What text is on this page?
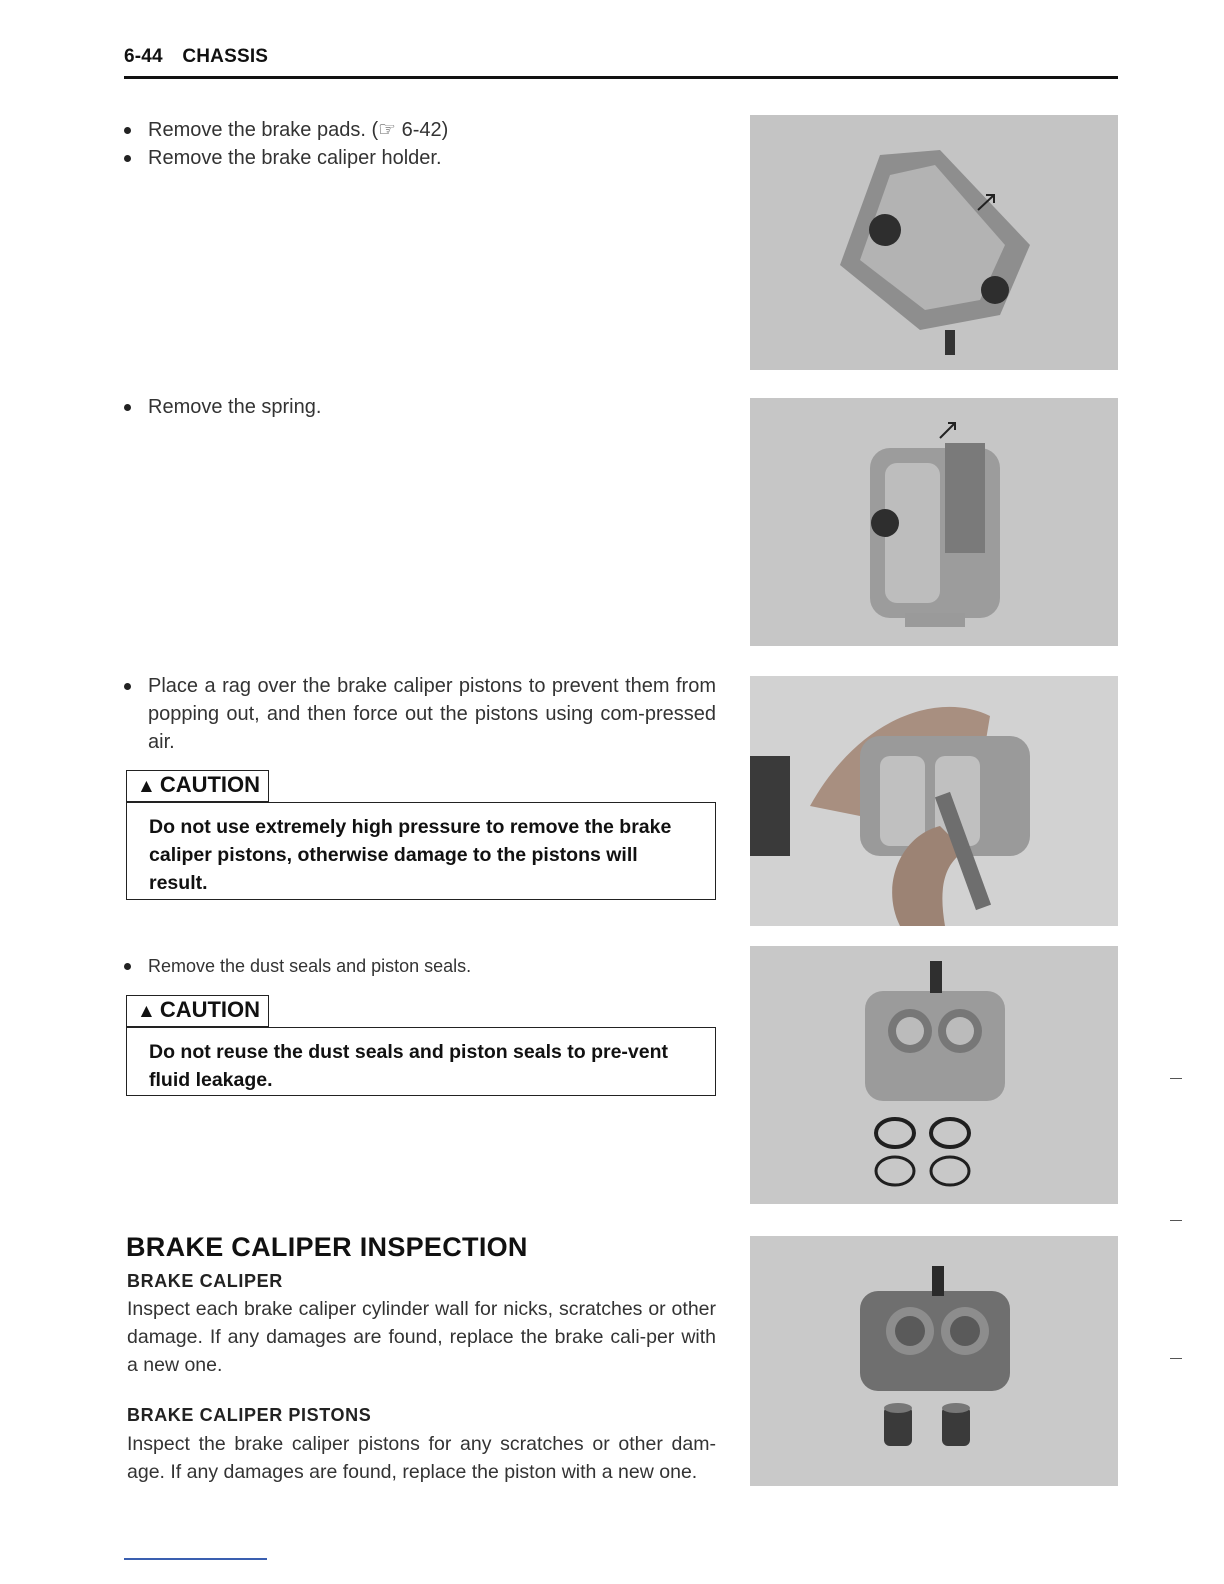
6-44 CHASSIS
Remove the brake pads. (☞ 6-42)
Remove the brake caliper holder.
Remove the spring.
Place a rag over the brake caliper pistons to prevent them from popping out, and then force out the pistons using com-pressed air.
▲ CAUTION
Do not use extremely high pressure to remove the brake caliper pistons, otherwise damage to the pistons will result.
Remove the dust seals and piston seals.
▲ CAUTION
Do not reuse the dust seals and piston seals to pre-vent fluid leakage.
BRAKE CALIPER INSPECTION
BRAKE CALIPER
Inspect each brake caliper cylinder wall for nicks, scratches or other damage. If any damages are found, replace the brake cali-per with a new one.
BRAKE CALIPER PISTONS
Inspect the brake caliper pistons for any scratches or other dam-age. If any damages are found, replace the piston with a new one.
